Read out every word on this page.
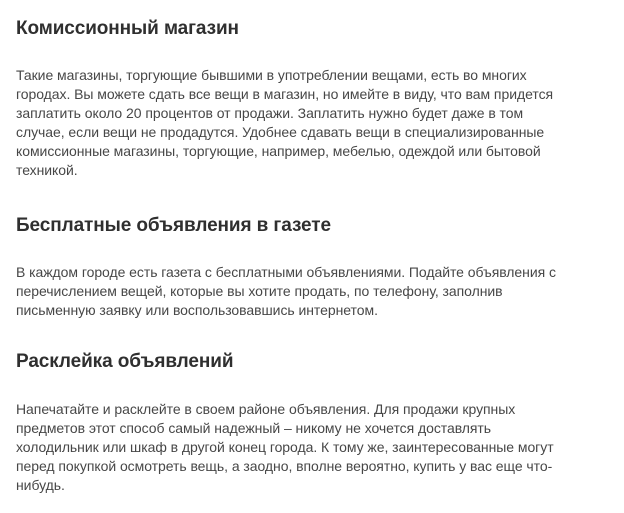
Комиссионный магазин

Такие магазины, торгующие бывшими в употреблении вещами, есть во многих
городах. Вы можете сдать все вещи в магазин, но имейте в виду, что вам придется
заплатить около 20 процентов от продажи. Заплатить нужно будет даже в том
случае, если вещи не продадутся. Удобнее сдавать вещи в специализированные
комиссионные магазины, торгующие, например, мебелью, одеждой или бытовой
техникой.

Бесплатные объявления в газете

В каждом городе есть газета с бесплатными объявлениями. Подайте объявления с
перечислением вещей, которые вы хотите продать, по телефону, заполнив
письменную заявку или воспользовавшись интернетом.

Расклейка объявлений

Напечатайте и расклейте в своем районе объявления. Для продажи крупных
предметов этот способ самый надежный – никому не хочется доставлять
холодильник или шкаф в другой конец города. К тому же, заинтересованные могут
перед покупкой осмотреть вещь, а заодно, вполне вероятно, купить у вас еще что-
нибудь.
